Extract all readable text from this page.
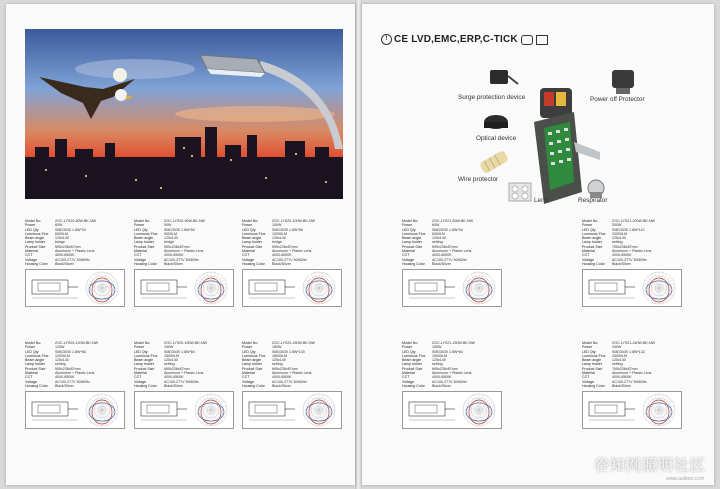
Model No.	ZGC-LYS20-60W-BK-NW
Power	60W
LED Qty	SMD3030 1.8W*34
Luminous Flux	6000LM
Beam angle	125x140
Lamp holder	bridge
Product Size	595x236x87mm
Material	Aluminum + Plastic Lens
CCT	4000-6500K
Voltage	AC100-277V 50/60Hz
Housing Color	Black/Silver
Model No.	ZGC-LYS20-90W-BK-NW
Power	90W
LED Qty	SMD3030 1.8W*50
Luminous Flux	9000LM
Beam angle	125x140
Lamp holder	bridge
Product Size	595x236x87mm
Material	Aluminum + Plastic Lens
CCT	4000-6500K
Voltage	AC100-277V 50/60Hz
Housing Color	Black/Silver
Model No.	ZGC-LYS20-100W-BK-NW
Power	100W
LED Qty	SMD3030 1.8W*56
Luminous Flux	10000LM
Beam angle	125x140
Lamp holder	bridge
Product Size	595x236x87mm
Material	Aluminum + Plastic Lens
CCT	4000-6500K
Voltage	AC100-277V 50/60Hz
Housing Color	Black/Silver
Model No.	ZGC-LYS20-120W-BK-NW
Power	120W
LED Qty	SMD3030 1.8W*66
Luminous Flux	12000LM
Beam angle	125x140
Lamp holder	setting
Product Size	595x236x87mm
Material	Aluminum + Plastic Lens
CCT	4000-6500K
Voltage	AC100-277V 50/60Hz
Housing Color	Black/Silver
Model No.	ZGC-LYS20-150W-BK-NW
Power	150W
LED Qty	SMD3030 1.8W*84
Luminous Flux	15000LM
Beam angle	125x140
Lamp holder	setting
Product Size	695x236x87mm
Material	Aluminum + Plastic Lens
CCT	4000-6500K
Voltage	AC100-277V 50/60Hz
Housing Color	Black/Silver
Model No.	ZGC-LYS20-180W-BK-NW
Power	180W
LED Qty	SMD3030 1.8W*100
Luminous Flux	18000LM
Beam angle	125x140
Lamp holder	setting
Product Size	695x236x87mm
Material	Aluminum + Plastic Lens
CCT	4000-6500K
Voltage	AC100-277V 50/60Hz
Housing Color	Black/Silver
! CE LVD,EMC,ERP,C-TICK
Surge protection device	Power off Protector
Optical device
Wire protector
Lens	Respirator
Model No.	ZGC-LYS21-60W-BK-NW
Power	60W
LED Qty	SMD3030 1.8W*34
Luminous Flux	6000LM
Beam angle	125x140
Lamp holder	setting
Product Size	595x236x87mm
Material	Aluminum + Plastic Lens
CCT	4000-6500K
Voltage	AC100-277V 50/60Hz
Housing Color	Black/Silver
Model No.	ZGC-LYS21-200W-BK-NW
Power	200W
LED Qty	SMD3030 1.8W*110
Luminous Flux	20000LM
Beam angle	125x140
Lamp holder	setting
Product Size	795x236x87mm
Material	Aluminum + Plastic Lens
CCT	4000-6500K
Voltage	AC100-277V 50/60Hz
Housing Color	Black/Silver
Model No.	ZGC-LYS21-150W-BK-NW
Power	150W
LED Qty	SMD3030 1.8W*84
Luminous Flux	15000LM
Beam angle	125x140
Lamp holder	setting
Product Size	695x236x87mm
Material	Aluminum + Plastic Lens
CCT	4000-6500K
Voltage	AC100-277V 50/60Hz
Housing Color	Black/Silver
Model No.	ZGC-LYS21-240W-BK-NW
Power	240W
LED Qty	SMD3030 1.8W*132
Luminous Flux	24000LM
Beam angle	125x140
Lamp holder	setting
Product Size	795x236x87mm
Material	Aluminum + Plastic Lens
CCT	4000-6500K
Voltage	AC100-277V 50/60Hz
Housing Color	Black/Silver
谷知网照明社区
www.aalboo.com
